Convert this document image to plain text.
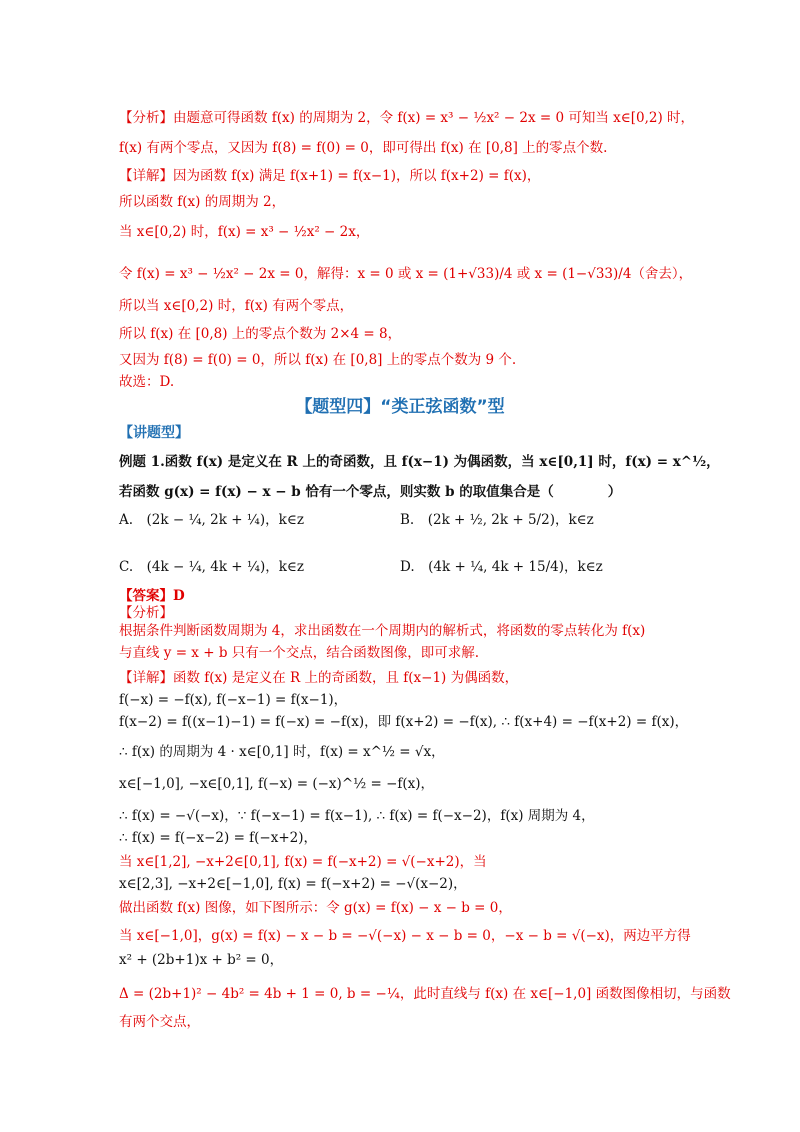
【分析】由题意可得函数 f(x) 的周期为 2，令 f(x) = x³ − ½x² − 2x = 0 可知当 x∈[0,2) 时，
f(x) 有两个零点，又因为 f(8) = f(0) = 0，即可得出 f(x) 在 [0,8] 上的零点个数.
【详解】因为函数 f(x) 满足 f(x+1) = f(x−1)，所以 f(x+2) = f(x)，
所以函数 f(x) 的周期为 2，
当 x∈[0,2) 时，f(x) = x³ − ½x² − 2x，
令 f(x) = x³ − ½x² − 2x = 0，解得：x = 0 或 x = (1+√33)/4 或 x = (1−√33)/4（舍去），
所以当 x∈[0,2) 时，f(x) 有两个零点，
所以 f(x) 在 [0,8) 上的零点个数为 2×4 = 8，
又因为 f(8) = f(0) = 0，所以 f(x) 在 [0,8] 上的零点个数为 9 个.
故选：D.
【题型四】“类正弦函数”型
【讲题型】
例题 1.函数 f(x) 是定义在 R 上的奇函数，且 f(x−1) 为偶函数，当 x∈[0,1] 时，f(x) = x^½，
若函数 g(x) = f(x) − x − b 恰有一个零点，则实数 b 的取值集合是（　　　　）
A.　(2k − ¼, 2k + ¼)，k∈z	B.　(2k + ½, 2k + 5/2)，k∈z
C.　(4k − ¼, 4k + ¼)，k∈z	D.　(4k + ¼, 4k + 15/4)，k∈z
【答案】D
【分析】
根据条件判断函数周期为 4，求出函数在一个周期内的解析式，将函数的零点转化为 f(x)
与直线 y = x + b 只有一个交点，结合函数图像，即可求解.
【详解】函数 f(x) 是定义在 R 上的奇函数，且 f(x−1) 为偶函数，
f(−x) = −f(x), f(−x−1) = f(x−1)，
f(x−2) = f((x−1)−1) = f(−x) = −f(x)，即 f(x+2) = −f(x), ∴ f(x+4) = −f(x+2) = f(x)，
∴ f(x) 的周期为 4 · x∈[0,1] 时，f(x) = x^½ = √x，
x∈[−1,0], −x∈[0,1], f(−x) = (−x)^½ = −f(x)，
∴ f(x) = −√(−x)，∵ f(−x−1) = f(x−1), ∴ f(x) = f(−x−2)，f(x) 周期为 4，
∴ f(x) = f(−x−2) = f(−x+2)，
当 x∈[1,2], −x+2∈[0,1], f(x) = f(−x+2) = √(−x+2)，当
x∈[2,3], −x+2∈[−1,0], f(x) = f(−x+2) = −√(x−2)，
做出函数 f(x) 图像，如下图所示：令 g(x) = f(x) − x − b = 0，
当 x∈[−1,0]，g(x) = f(x) − x − b = −√(−x) − x − b = 0，−x − b = √(−x)，两边平方得
x² + (2b+1)x + b² = 0，
Δ = (2b+1)² − 4b² = 4b + 1 = 0, b = −¼，此时直线与 f(x) 在 x∈[−1,0] 函数图像相切，与函数
有两个交点，
